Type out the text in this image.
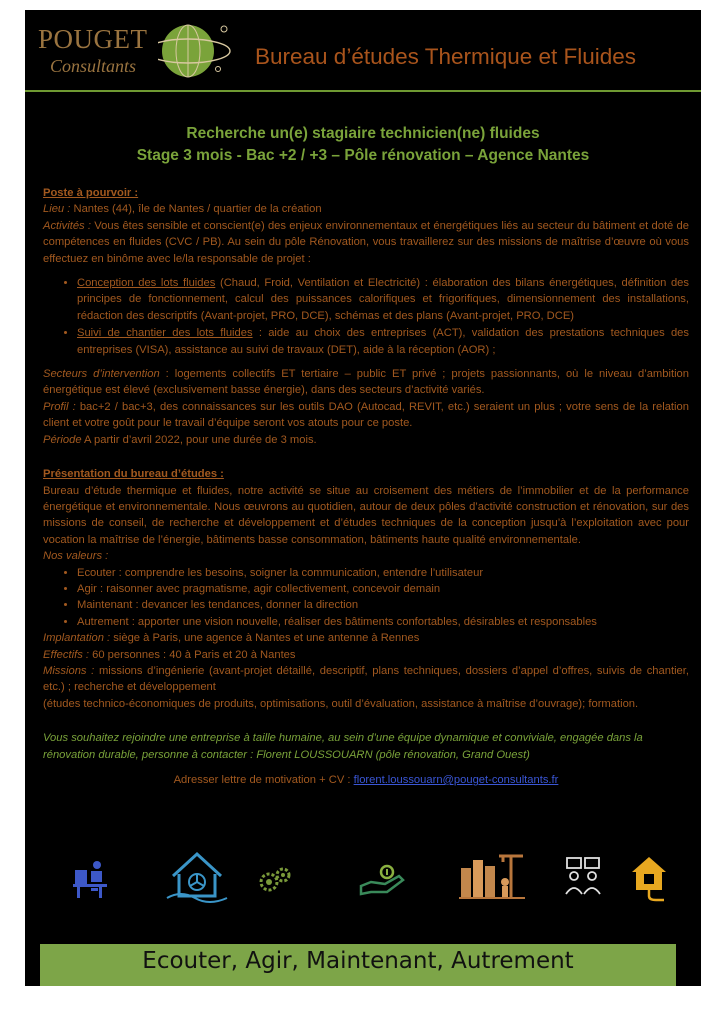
POUGET
Consultants	Bureau d’études Thermique et Fluides
Recherche un(e) stagiaire technicien(ne) fluides
Stage 3 mois - Bac +2 / +3 – Pôle rénovation – Agence Nantes

Poste à pourvoir :

Lieu : Nantes (44), île de Nantes / quartier de la création

Activités : Vous êtes sensible et conscient(e) des enjeux environnementaux et énergétiques liés au secteur du bâtiment et doté de compétences en fluides (CVC / PB). Au sein du pôle Rénovation, vous travaillerez sur des missions de maîtrise d’œuvre où vous effectuez en binôme avec le/la responsable de projet :

• Conception des lots fluides (Chaud, Froid, Ventilation et Electricité) : élaboration des bilans énergétiques, définition des principes de fonctionnement, calcul des puissances calorifiques et frigorifiques, dimensionnement des installations, rédaction des descriptifs (Avant-projet, PRO, DCE), schémas et des plans (Avant-projet, PRO, DCE)
• Suivi de chantier des lots fluides : aide au choix des entreprises (ACT), validation des prestations techniques des entreprises (VISA), assistance au suivi de travaux (DET), aide à la réception (AOR) ;

Secteurs d’intervention : logements collectifs ET tertiaire – public ET privé ; projets passionnants, où le niveau d’ambition énergétique est élevé (exclusivement basse énergie), dans des secteurs d’activité variés.

Profil : bac+2 / bac+3, des connaissances sur les outils DAO (Autocad, REVIT, etc.) seraient un plus ; votre sens de la relation client et votre goût pour le travail d’équipe seront vos atouts pour ce poste.

Période A partir d’avril 2022, pour une durée de 3 mois.

Présentation du bureau d’études :

Bureau d’étude thermique et fluides, notre activité se situe au croisement des métiers de l’immobilier et de la performance énergétique et environnementale. Nous œuvrons au quotidien, autour de deux pôles d’activité construction et rénovation, sur des missions de conseil, de recherche et développement et d’études techniques de la conception jusqu’à l’exploitation avec pour vocation la maîtrise de l’énergie, bâtiments basse consommation, bâtiments haute qualité environnementale.

Nos valeurs :

• Ecouter : comprendre les besoins, soigner la communication, entendre l’utilisateur
• Agir : raisonner avec pragmatisme, agir collectivement, concevoir demain
• Maintenant : devancer les tendances, donner la direction
• Autrement : apporter une vision nouvelle, réaliser des bâtiments confortables, désirables et responsables

Implantation : siège à Paris, une agence à Nantes et une antenne à Rennes

Effectifs : 60 personnes : 40 à Paris et 20 à Nantes

Missions : missions d’ingénierie (avant-projet détaillé, descriptif, plans techniques, dossiers d’appel d’offres, suivis de chantier, etc.) ; recherche et développement

(études technico-économiques de produits, optimisations, outil d’évaluation, assistance à maîtrise d’ouvrage); formation.

Vous souhaitez rejoindre une entreprise à taille humaine, au sein d’une équipe dynamique et conviviale, engagée dans la rénovation durable, personne à contacter : Florent LOUSSOUARN (pôle rénovation, Grand Ouest)

Adresser lettre de motivation + CV : florent.loussouarn@pouget-consultants.fr

Ecouter, Agir, Maintenant, Autrement
